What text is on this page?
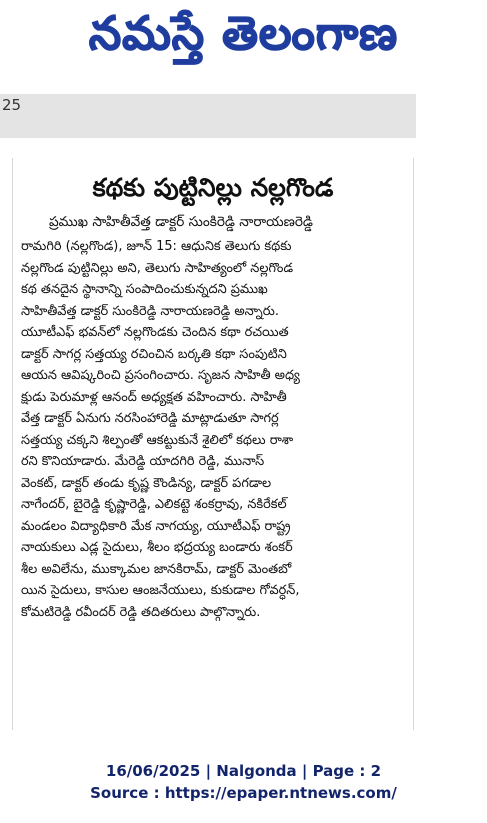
నమస్తే తెలంగాణ
25
కథకు పుట్టినిల్లు నల్లగొండ
ప్రముఖ సాహితీవేత్త డాక్టర్ సుంకిరెడ్డి నారాయణరెడ్డి
రామగిరి (నల్లగొండ), జూన్ 15: ఆధునిక తెలుగు కథకు
నల్లగొండ పుట్టినిల్లు అని, తెలుగు సాహిత్యంలో నల్లగొండ
కథ తనదైన స్థానాన్ని సంపాదించుకున్నదని ప్రముఖ
సాహితీవేత్త డాక్టర్ సుంకిరెడ్డి నారాయణరెడ్డి అన్నారు.
యూటీఎఫ్ భవన్‌లో నల్లగొండకు చెందిన కథా రచయిత
డాక్టర్ సాగర్ల సత్తయ్య రచించిన బర్కతి కథా సంపుటిని
ఆయన ఆవిష్కరించి ప్రసంగించారు. సృజన సాహితీ అధ్య
క్షుడు పెరుమాళ్ల ఆనంద్ అధ్యక్షత వహించారు. సాహితీ
వేత్త డాక్టర్ ఏనుగు నరసింహారెడ్డి మాట్లాడుతూ సాగర్ల
సత్తయ్య చక్కని శిల్పంతో ఆకట్టుకునే శైలిలో కథలు రాశా
రని కొనియాడారు. మేరెడ్డి యాదగిరి రెడ్డి, మునాస్
వెంకట్, డాక్టర్ తండు కృష్ణ కౌండిన్య, డాక్టర్ పగడాల
నాగేందర్, బైరెడ్డి కృష్ణారెడ్డి, ఎలికట్టె శంకర్రావు, నకిరేకల్
మండలం విద్యాధికారి మేక నాగయ్య, యూటీఎఫ్ రాష్ట్ర
నాయకులు ఎడ్ల సైదులు, శీలం భద్రయ్య బండారు శంకర్
శీల అవిలేను, ముక్కామల జానకిరామ్, డాక్టర్ మెంతబో
యిన సైదులు, కాసుల ఆంజనేయులు, కుకుడాల గోవర్ధన్,
కోమటిరెడ్డి రవీందర్ రెడ్డి తదితరులు పాల్గొన్నారు.
16/06/2025 | Nalgonda | Page : 2
Source : https://epaper.ntnews.com/
